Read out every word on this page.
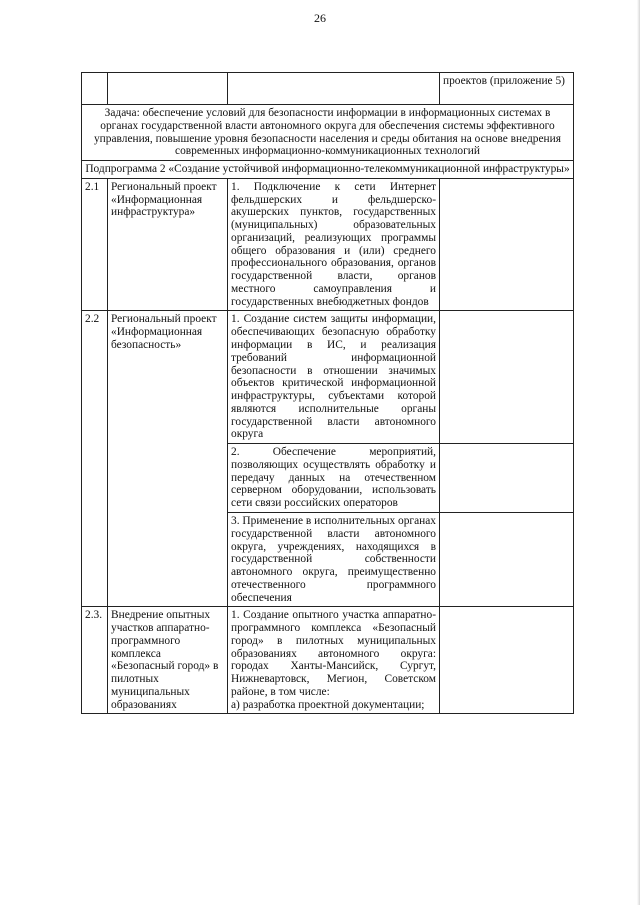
26
			проектов (приложение 5)
Задача: обеспечение условий для безопасности информации в информационных системах в органах государственной власти автономного округа для обеспечения системы эффективного управления, повышение уровня безопасности населения и среды обитания на основе внедрения современных информационно-коммуникационных технологий			
Подпрограмма 2 «Создание устойчивой информационно-телекоммуникационной инфраструктуры»			
2.1	Региональный проект «Информационная инфраструктура»	1. Подключение к сети Интернет фельдшерских и фельдшерско-акушерских пунктов, государственных (муниципальных) образовательных организаций, реализующих программы общего образования и (или) среднего профессионального образования, органов государственной власти, органов местного самоуправления и государственных внебюджетных фондов	
2.2	Региональный проект «Информационная безопасность»	1. Создание систем защиты информации, обеспечивающих безопасную обработку информации в ИС, и реализация требований информационной безопасности в отношении значимых объектов критической информационной инфраструктуры, субъектами которой являются исполнительные органы государственной власти автономного округа	
		2. Обеспечение мероприятий, позволяющих осуществлять обработку и передачу данных на отечественном серверном оборудовании, использовать сети связи российских операторов	
		3. Применение в исполнительных органах государственной власти автономного округа, учреждениях, находящихся в государственной собственности автономного округа, преимущественно отечественного программного обеспечения	
2.3.	Внедрение опытных участков аппаратно-программного комплекса «Безопасный город» в пилотных муниципальных образованиях	1. Создание опытного участка аппаратно-программного комплекса «Безопасный город» в пилотных муниципальных образованиях автономного округа: городах Ханты-Мансийск, Сургут, Нижневартовск, Мегион, Советском районе, в том числе:
а) разработка проектной документации;	
